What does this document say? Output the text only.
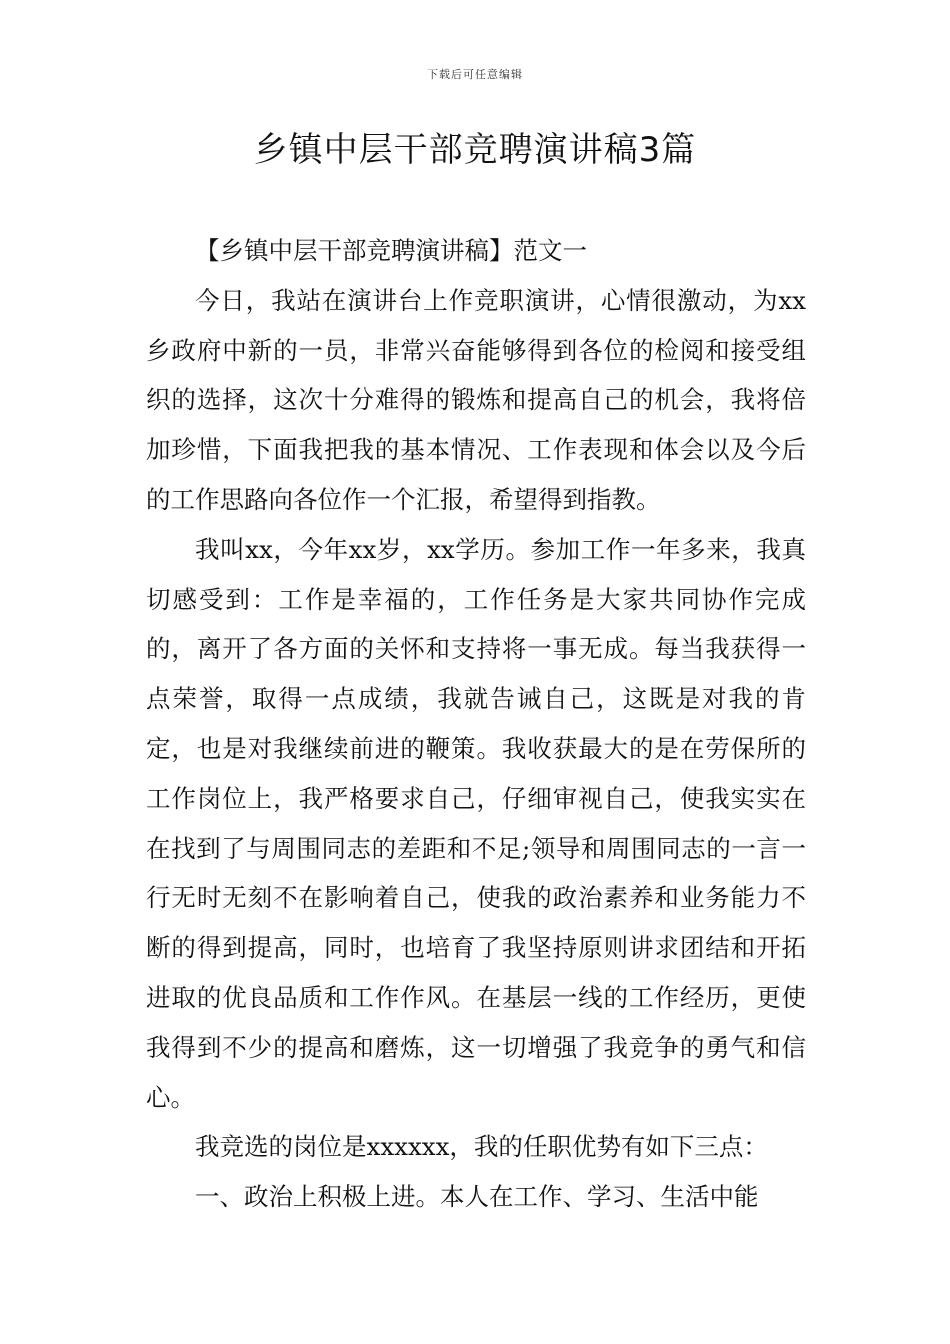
下载后可任意编辑
乡镇中层干部竞聘演讲稿3篇

【乡镇中层干部竞聘演讲稿】范文一

今日，我站在演讲台上作竞职演讲，心情很激动，为xx乡政府中新的一员，非常兴奋能够得到各位的检阅和接受组织的选择，这次十分难得的锻炼和提高自己的机会，我将倍加珍惜，下面我把我的基本情况、工作表现和体会以及今后的工作思路向各位作一个汇报，希望得到指教。

我叫xx，今年xx岁，xx学历。参加工作一年多来，我真切感受到：工作是幸福的，工作任务是大家共同协作完成的，离开了各方面的关怀和支持将一事无成。每当我获得一点荣誉，取得一点成绩，我就告诫自己，这既是对我的肯定，也是对我继续前进的鞭策。我收获最大的是在劳保所的工作岗位上，我严格要求自己，仔细审视自己，使我实实在在找到了与周围同志的差距和不足;领导和周围同志的一言一行无时无刻不在影响着自己，使我的政治素养和业务能力不断的得到提高，同时，也培育了我坚持原则讲求团结和开拓进取的优良品质和工作作风。在基层一线的工作经历，更使我得到不少的提高和磨炼，这一切增强了我竞争的勇气和信心。

我竞选的岗位是xxxxxx，我的任职优势有如下三点：

一、政治上积极上进。本人在工作、学习、生活中能
